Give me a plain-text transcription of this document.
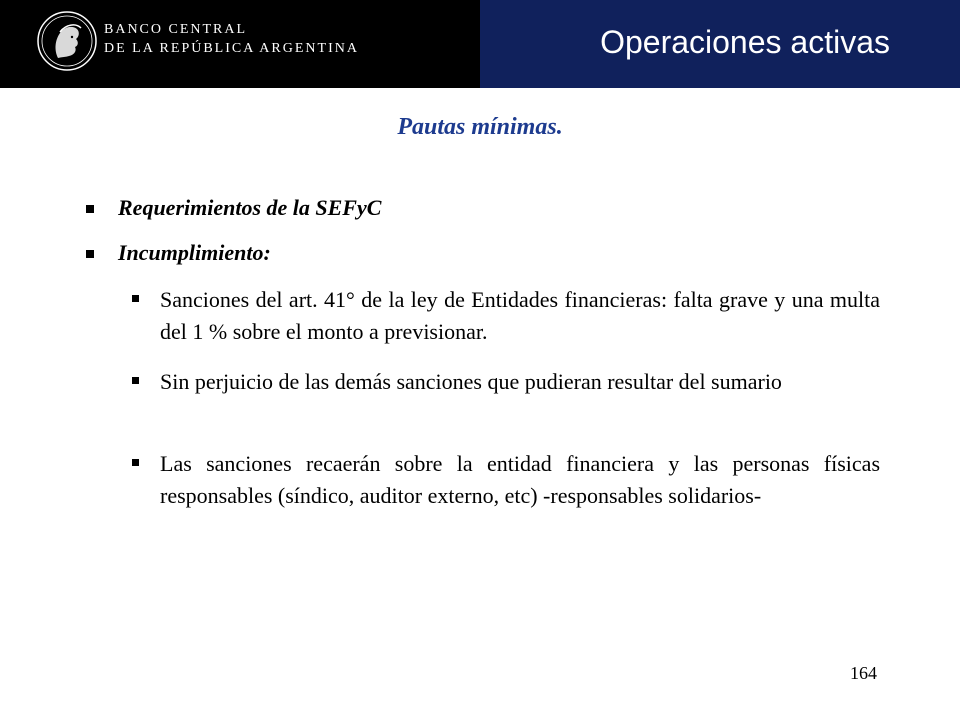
BANCO CENTRAL
DE LA REPÚBLICA ARGENTINA	Operaciones activas
Pautas mínimas.
Requerimientos de la SEFyC
Incumplimiento:
Sanciones del art. 41° de la ley de Entidades financieras: falta grave y una multa del 1 % sobre el monto a previsionar.
Sin perjuicio de las demás sanciones que pudieran resultar del sumario
Las sanciones recaerán sobre la entidad financiera y las personas físicas responsables (síndico, auditor externo, etc) -responsables solidarios-
164
